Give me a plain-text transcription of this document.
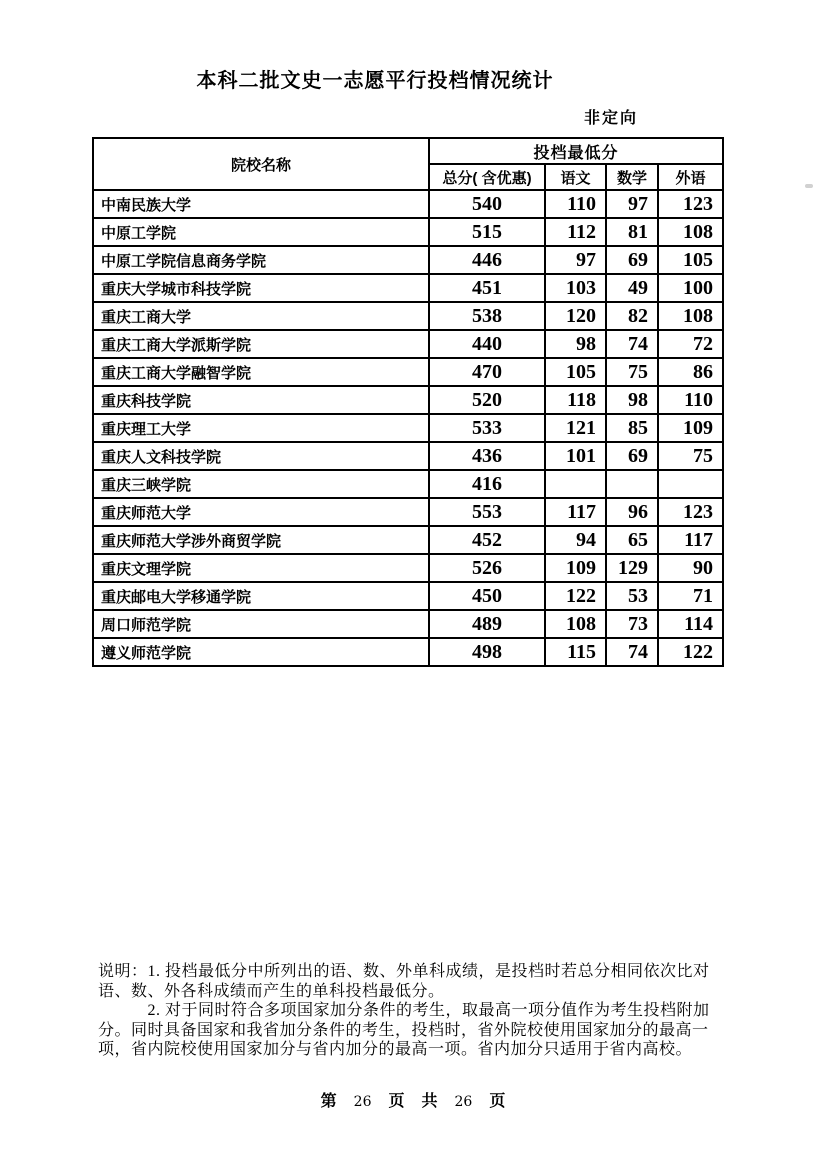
本科二批文史一志愿平行投档情况统计
非定向
院校名称	投档最低分			
	总分( 含优惠)	语文	数学	外语
中南民族大学	540	110	97	123
中原工学院	515	112	81	108
中原工学院信息商务学院	446	97	69	105
重庆大学城市科技学院	451	103	49	100
重庆工商大学	538	120	82	108
重庆工商大学派斯学院	440	98	74	72
重庆工商大学融智学院	470	105	75	86
重庆科技学院	520	118	98	110
重庆理工大学	533	121	85	109
重庆人文科技学院	436	101	69	75
重庆三峡学院	416			
重庆师范大学	553	117	96	123
重庆师范大学涉外商贸学院	452	94	65	117
重庆文理学院	526	109	129	90
重庆邮电大学移通学院	450	122	53	71
周口师范学院	489	108	73	114
遵义师范学院	498	115	74	122
说明：1. 投档最低分中所列出的语、数、外单科成绩，是投档时若总分相同依次比对
语、数、外各科成绩而产生的单科投档最低分。
　　　2. 对于同时符合多项国家加分条件的考生，取最高一项分值作为考生投档附加
分。同时具备国家和我省加分条件的考生，投档时，省外院校使用国家加分的最高一
项，省内院校使用国家加分与省内加分的最高一项。省内加分只适用于省内高校。
第 26 页 共 26 页
